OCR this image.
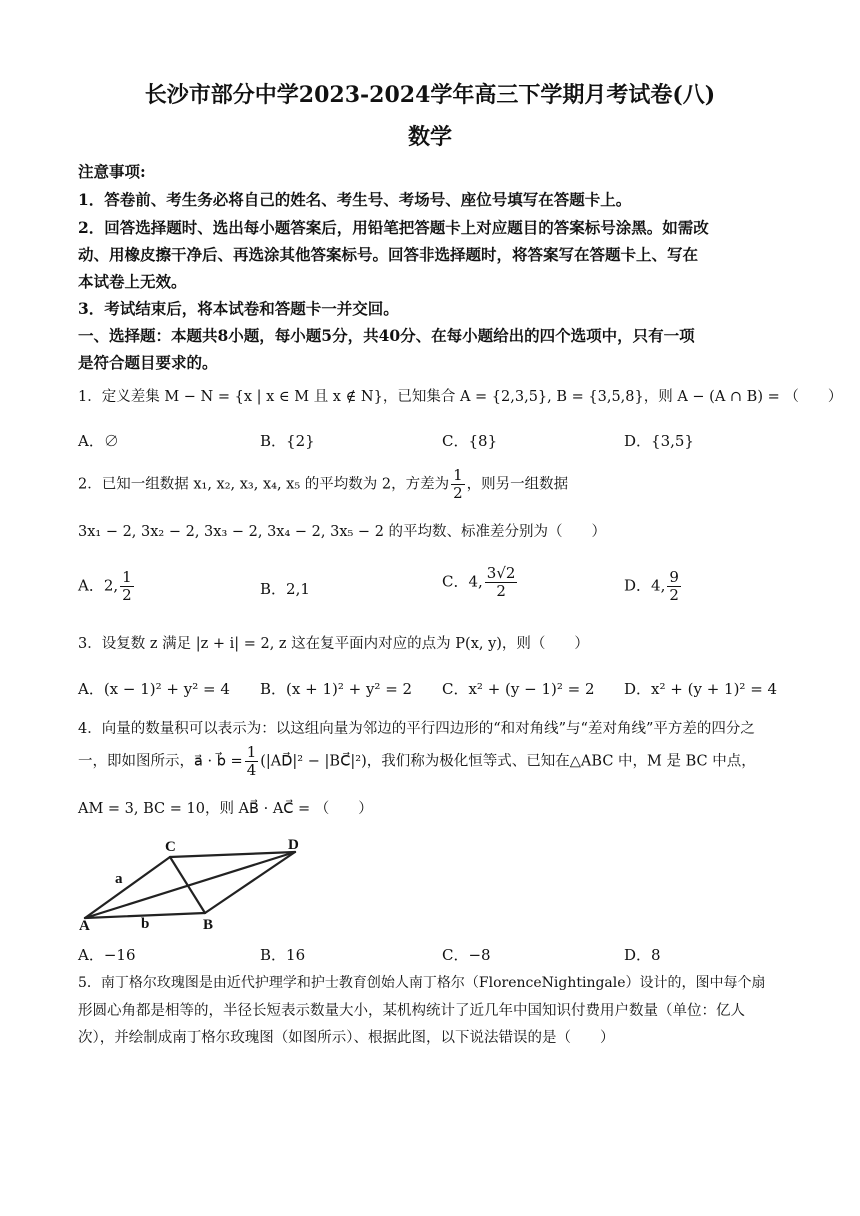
长沙市部分中学2023-2024学年高三下学期月考试卷(八)
数学
注意事项:
1．答卷前、考生务必将自己的姓名、考生号、考场号、座位号填写在答题卡上。
2．回答选择题时、选出每小题答案后，用铅笔把答题卡上对应题目的答案标号涂黑。如需改
动、用橡皮擦干净后、再选涂其他答案标号。回答非选择题时，将答案写在答题卡上、写在
本试卷上无效。
3．考试结束后，将本试卷和答题卡一并交回。
一、选择题：本题共8小题，每小题5分，共40分、在每小题给出的四个选项中，只有一项
是符合题目要求的。
1．定义差集 M − N = {x | x ∈ M 且 x ∉ N}，已知集合 A = {2,3,5}, B = {3,5,8}，则 A − (A ∩ B) = （　　）
A．∅	B．{2}	C．{8}	D．{3,5}
2．已知一组数据 x₁, x₂, x₃, x₄, x₅ 的平均数为 2，方差为 $\frac{1}{2}$ ，则另一组数据
3x₁ − 2, 3x₂ − 2, 3x₃ − 2, 3x₄ − 2, 3x₅ − 2 的平均数、标准差分别为（　　）
A．2, $\frac{1}{2}$	B．2,1	C．4, $\frac{3√2}{2}$	D．4, $\frac{9}{2}$
3．设复数 z 满足 |z + i| = 2, z 这在复平面内对应的点为 P(x, y)，则（　　）
A．(x − 1)² + y² = 4 B．(x + 1)² + y² = 2 C．x² + (y − 1)² = 2 D．x² + (y + 1)² = 4
4．向量的数量积可以表示为：以这组向量为邻边的平行四边形的“和对角线”与“差对角线”平方差的四分之
一，即如图所示，a⃗ · b⃗ = $\frac{1}{4}$ (|AD⃗|² − |BC⃗|²)，我们称为极化恒等式、已知在△ABC 中，M 是 BC 中点，
AM = 3, BC = 10，则 AB⃗ · AC⃗ = （　　）
C	D
a
b	B
A
A．−16	B．16	C．−8	D．8
5．南丁格尔玫瑰图是由近代护理学和护士教育创始人南丁格尔（FlorenceNightingale）设计的，图中每个扇
形圆心角都是相等的，半径长短表示数量大小，某机构统计了近几年中国知识付费用户数量（单位：亿人
次），并绘制成南丁格尔玫瑰图（如图所示）、根据此图，以下说法错误的是（　　）
